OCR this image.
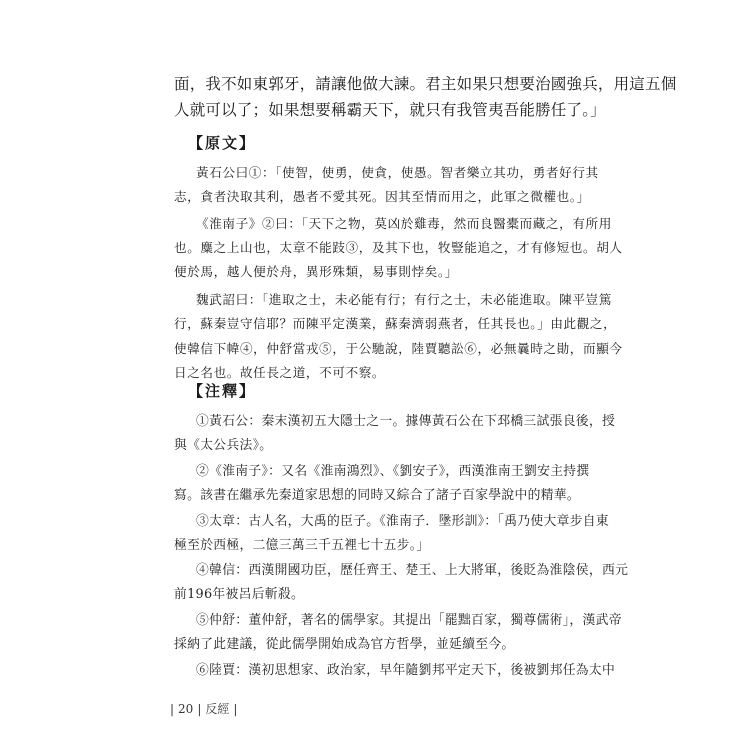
面，我不如東郭牙，請讓他做大諫。君主如果只想要治國強兵，用這五個
人就可以了；如果想要稱霸天下，就只有我管夷吾能勝任了。」
【原文】
黃石公曰①：「使智，使勇，使貪，使愚。智者樂立其功，勇者好行其
志，貪者決取其利，愚者不愛其死。因其至情而用之，此軍之微權也。」
《淮南子》②曰：「天下之物，莫凶於雞毒，然而良醫橐而藏之，有所用
也。麋之上山也，太章不能跂③，及其下也，牧豎能追之，才有修短也。胡人
便於馬，越人便於舟，異形殊類，易事則悖矣。」
魏武詔曰：「進取之士，未必能有行；有行之士，未必能進取。陳平豈篤
行，蘇秦豈守信耶？而陳平定漢業，蘇秦濟弱燕者，任其長也。」由此觀之，
使韓信下幃④，仲舒當戎⑤，于公馳說，陸賈聽訟⑥，必無曩時之勛，而顯今
日之名也。故任長之道，不可不察。
【注釋】
①黃石公：秦末漢初五大隱士之一。據傳黃石公在下邳橋三試張良後，授
與《太公兵法》。
②《淮南子》：又名《淮南鴻烈》、《劉安子》，西漢淮南王劉安主持撰
寫。該書在繼承先秦道家思想的同時又綜合了諸子百家學說中的精華。
③太章：古人名，大禹的臣子。《淮南子．墬形訓》：「禹乃使大章步自東
極至於西極，二億三萬三千五裡七十五步。」
④韓信：西漢開國功臣，歷任齊王、楚王、上大將軍，後貶為淮陰侯，西元
前196年被呂后斬殺。
⑤仲舒：董仲舒，著名的儒學家。其提出「罷黜百家，獨尊儒術」，漢武帝
採納了此建議，從此儒學開始成為官方哲學，並延續至今。
⑥陸賈：漢初思想家、政治家，早年隨劉邦平定天下，後被劉邦任為太中
| 20 | 反經 |
